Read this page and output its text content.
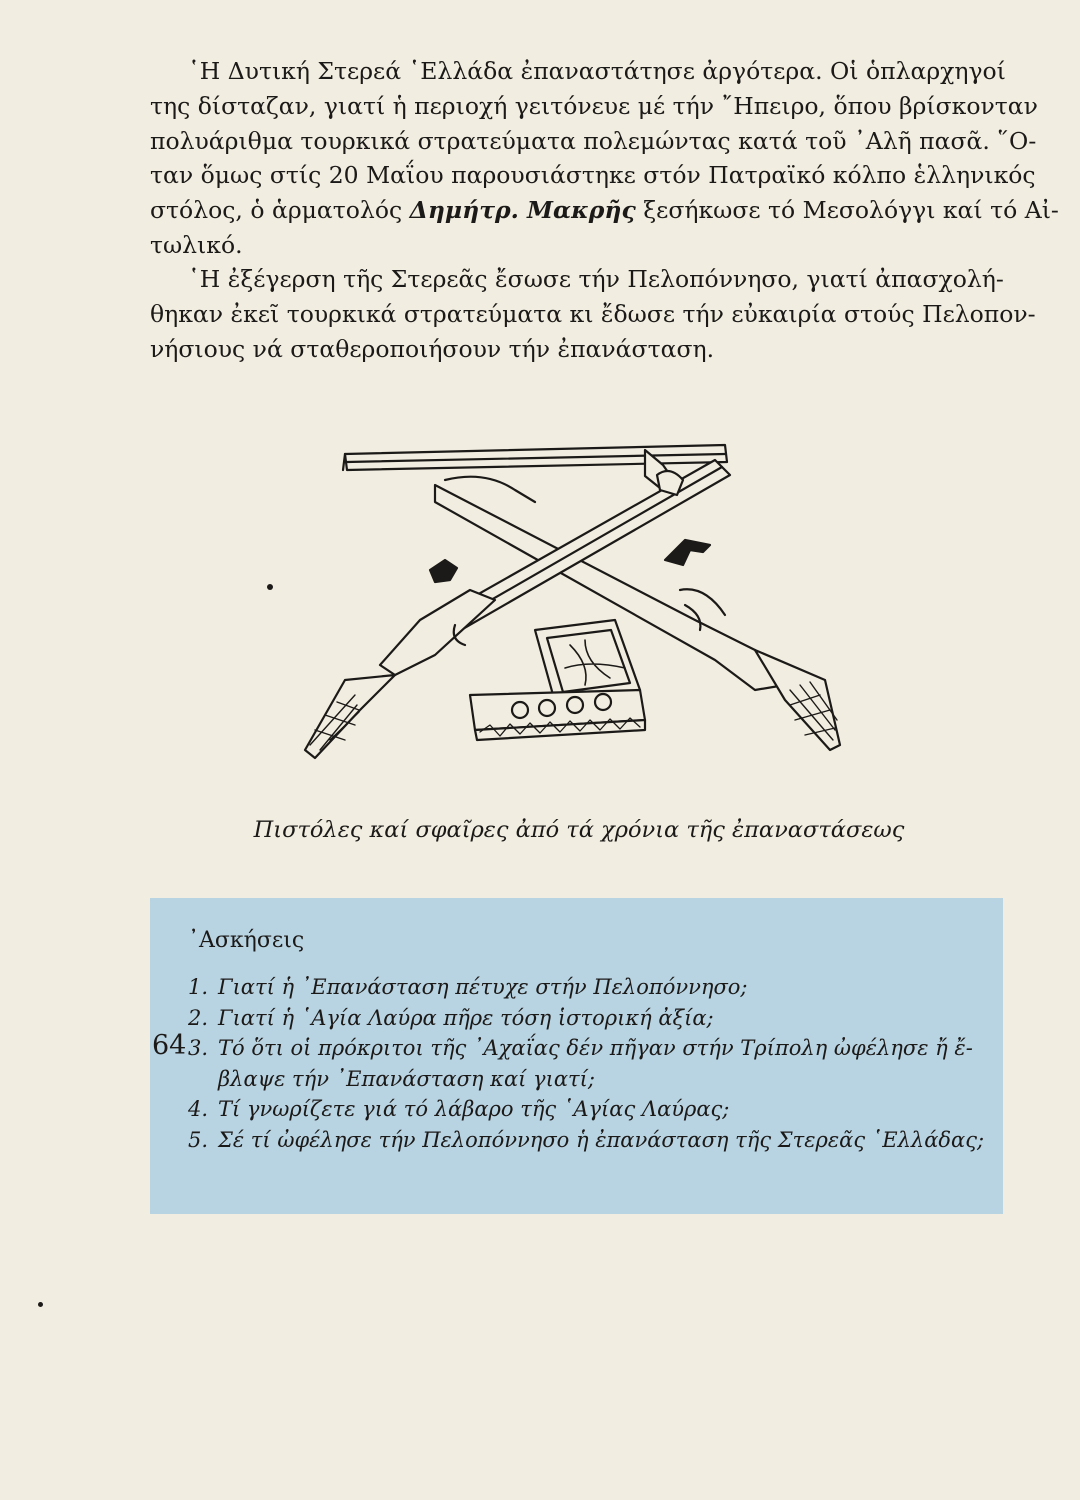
῾Η Δυτική Στερεά ῾Ελλάδα ἐπαναστάτησε ἀργότερα. Οἱ ὁπλαρχηγοί
της δίσταζαν, γιατί ἡ περιοχή γειτόνευε μέ τήν ῎Ηπειρο, ὅπου βρίσκονταν
πολυάριθμα τουρκικά στρατεύματα πολεμώντας κατά τοῦ ᾿Αλῆ πασᾶ. ῞Ο-
ταν ὅμως στίς 20 Μαΐου παρουσιάστηκε στόν Πατραϊκό κόλπο ἑλληνικός
στόλος, ὁ ἁρματολός Δημήτρ. Μακρῆς ξεσήκωσε τό Μεσολόγγι καί τό Αἰ-
τωλικό.
῾Η ἐξέγερση τῆς Στερεᾶς ἔσωσε τήν Πελοπόννησο, γιατί ἀπασχολή-
θηκαν ἐκεῖ τουρκικά στρατεύματα κι ἔδωσε τήν εὐκαιρία στούς Πελοπον-
νήσιους νά σταθεροποιήσουν τήν ἐπανάσταση.
Πιστόλες καί σφαῖρες ἀπό τά χρόνια τῆς ἐπαναστάσεως
᾿Ασκήσεις
1. Γιατί ἡ ᾿Επανάσταση πέτυχε στήν Πελοπόννησο;
2. Γιατί ἡ ῾Αγία Λαύρα πῆρε τόση ἱστορική ἀξία;
3. Τό ὅτι οἱ πρόκριτοι τῆς ᾿Αχαΐας δέν πῆγαν στήν Τρίπολη ὠφέλησε ἤ ἔ-
βλαψε τήν ᾿Επανάσταση καί γιατί;
4. Τί γνωρίζετε γιά τό λάβαρο τῆς ῾Αγίας Λαύρας;
5. Σέ τί ὠφέλησε τήν Πελοπόννησο ἡ ἐπανάσταση τῆς Στερεᾶς ῾Ελλάδας;
64
